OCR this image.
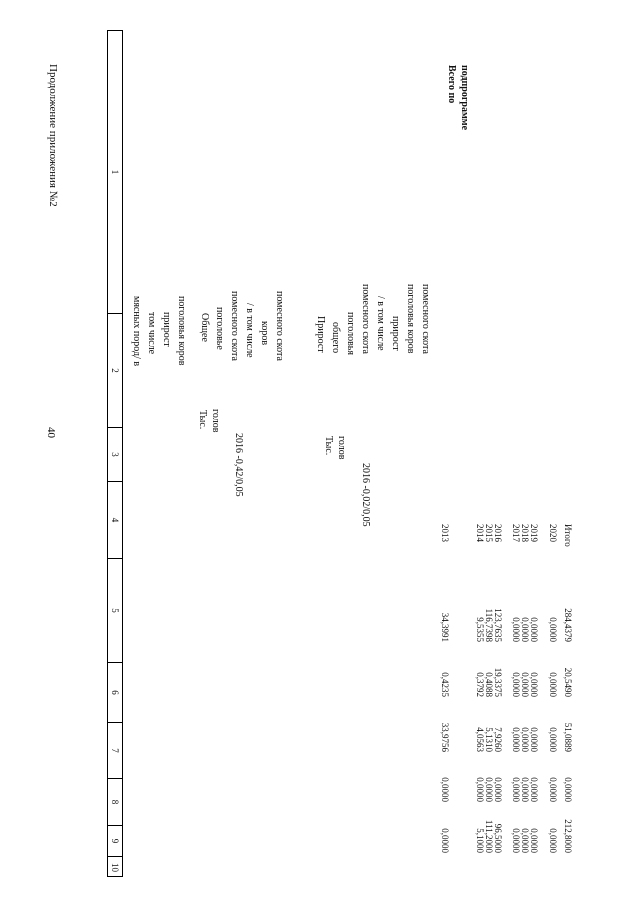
40
Продолжение приложения №2	1
2
3
4
5
6
7
8
9
10
мясных пород/ в том числе прирост поголовья коров Общее поголовье помесного скота / в том числе коров помесного скота
Тыс. голов
2016 -0,42/0,05
Прирост общего поголовья помесного скота / в том числе прирост поголовья коров помесного скота
Тыс. голов
2016 -0,02/0,05
Всего по подпрограмме
2013
34,3991
0,4235
33,9756
0,0000
0,0000
2014
9,5355
0,3792
4,0563
0,0000
5,1000
2015
116,7398
0,4088
5,1310
0,0000
111,2000
2016
123,7635
19,3375
7,9260
0,0000
96,5000
2017
0,0000
0,0000
0,0000
0,0000
0,0000
2018
0,0000
0,0000
0,0000
0,0000
0,0000
2019
0,0000
0,0000
0,0000
0,0000
0,0000
2020
0,0000
0,0000
0,0000
0,0000
0,0000
Итого
284,4379
20,5490
51,0889
0,0000
212,8000
